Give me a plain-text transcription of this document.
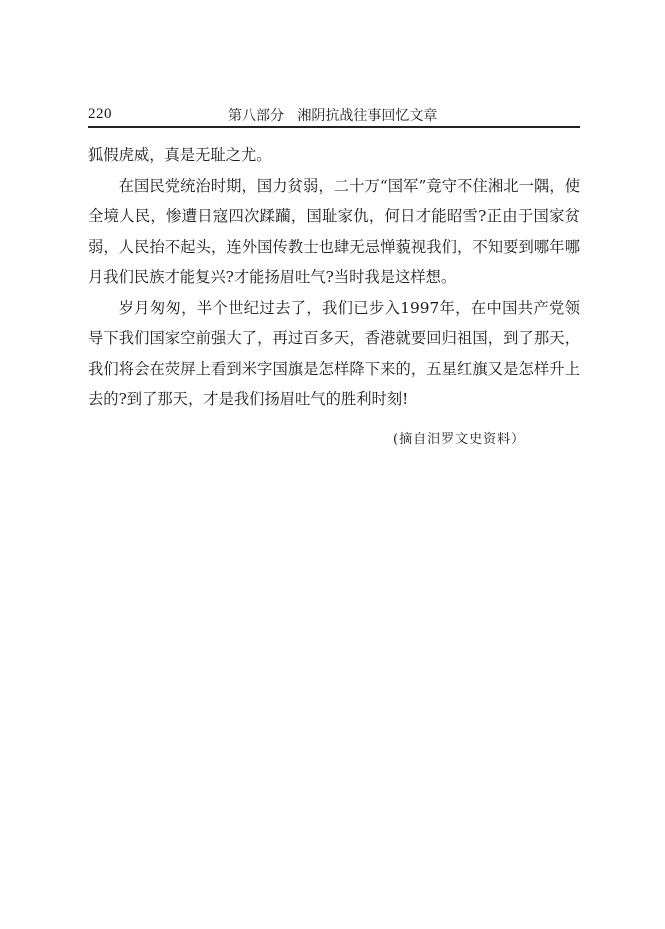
220	第八部分   湘阴抗战往事回忆文章

狐假虎威，真是无耻之尤。

在国民党统治时期，国力贫弱，二十万“国军”竟守不住湘北一隅，使全境人民，惨遭日寇四次蹂躏，国耻家仇，何日才能昭雪?正由于国家贫弱，人民抬不起头，连外国传教士也肆无忌惮藐视我们，不知要到哪年哪月我们民族才能复兴?才能扬眉吐气?当时我是这样想。

岁月匆匆，半个世纪过去了，我们已步入1997年，在中国共产党领导下我们国家空前强大了，再过百多天，香港就要回归祖国，到了那天，我们将会在荧屏上看到米字国旗是怎样降下来的，五星红旗又是怎样升上去的?到了那天，才是我们扬眉吐气的胜利时刻!

(摘自汨罗文史资料）
